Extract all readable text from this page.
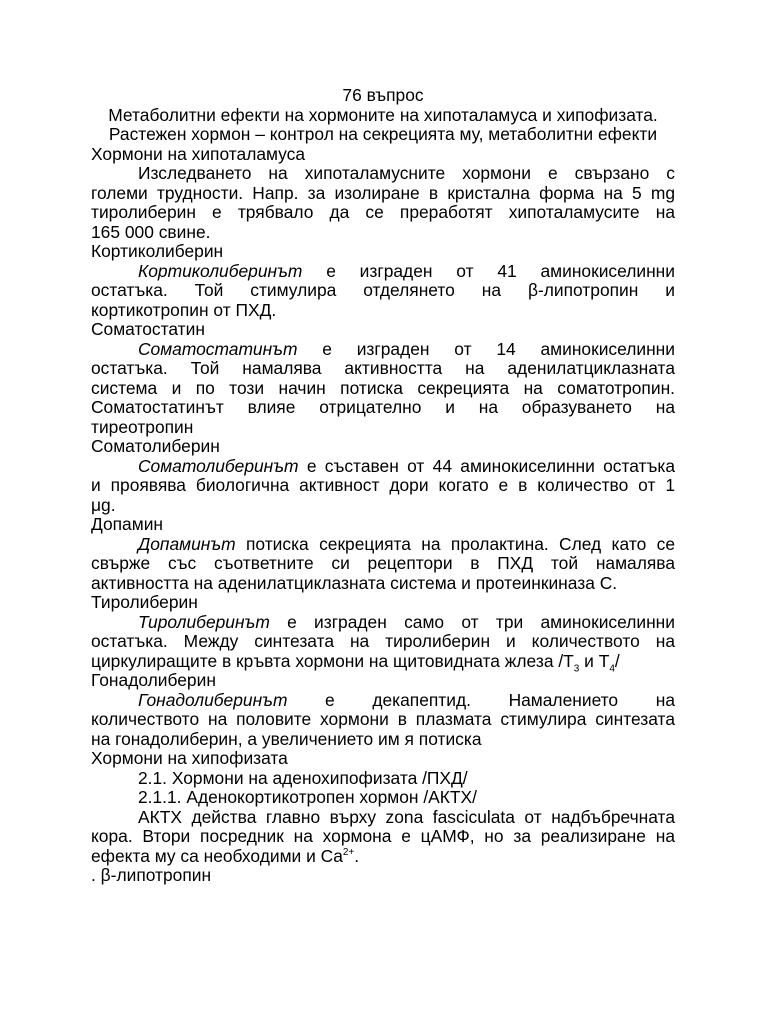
76 въпрос
Метаболитни ефекти на хормоните на хипоталамуса и хипофизата.
Растежен хормон – контрол на секрецията му, метаболитни ефекти
Хормони на хипоталамуса
Изследването на хипоталамусните хормони е свързано с
големи трудности. Напр. за изолиране в кристална форма на 5 mg
тиролиберин е трябвало да се преработят хипоталамусите на
165 000 свине.
Кортиколиберин
Кортиколиберинът е изграден от 41 аминокиселинни
остатъка. Той стимулира отделянето на β-липотропин и
кортикотропин от ПХД.
Соматостатин
Соматостатинът е изграден от 14 аминокиселинни
остатъка. Той намалява активността на аденилатциклазната
система и по този начин потиска секрецията на соматотропин.
Соматостатинът влияе отрицателно и на образуването на
тиреотропин
Соматолиберин
Соматолиберинът е съставен от 44 аминокиселинни остатъка
и проявява биологична активност дори когато е в количество от 1
μg.
Допамин
Допаминът потиска секрецията на пролактина. След като се
свърже със съответните си рецептори в ПХД той намалява
активността на аденилатциклазната система и протеинкиназа C.
Тиролиберин
Тиролиберинът е изграден само от три аминокиселинни
остатъка. Между синтезата на тиролиберин и количеството на
циркулиращите в кръвта хормони на щитовидната жлеза $/T_3$ и $T_4/$
Гонадолиберин
Гонадолиберинът е декапептид. Намалението на
количеството на половите хормони в плазмата стимулира синтезата
на гонадолиберин, а увеличението им я потиска
Хормони на хипофизата
2.1. Хормони на аденохипофизата /ПХД/
2.1.1. Аденокортикотропен хормон /АКТХ/
АКТХ действа главно върху zona fasciculata от надбъбречната
кора. Втори посредник на хормона е цАМФ, но за реализиране на
ефекта му са необходими и $Ca^{2+}$.
. β-липотропин
